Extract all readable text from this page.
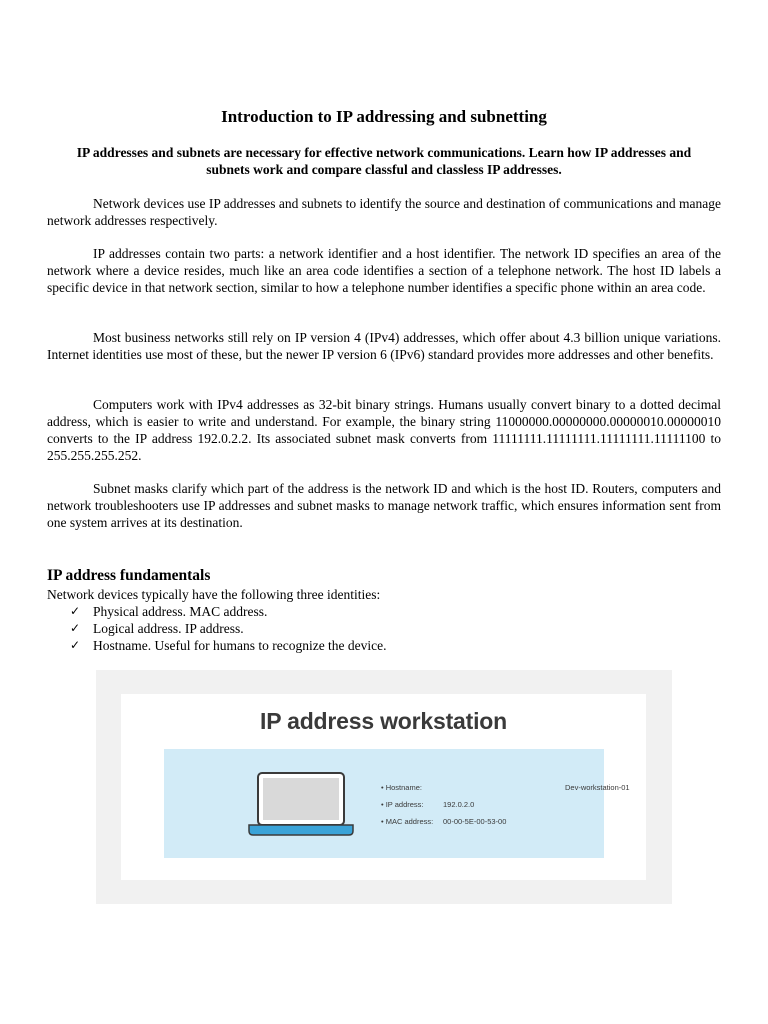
Introduction to IP addressing and subnetting
IP addresses and subnets are necessary for effective network communications. Learn how IP addresses and subnets work and compare classful and classless IP addresses.

Network devices use IP addresses and subnets to identify the source and destination of communications and manage network addresses respectively.

IP addresses contain two parts: a network identifier and a host identifier. The network ID specifies an area of the network where a device resides, much like an area code identifies a section of a telephone network. The host ID labels a specific device in that network section, similar to how a telephone number identifies a specific phone within an area code.

Most business networks still rely on IP version 4 (IPv4) addresses, which offer about 4.3 billion unique variations. Internet identities use most of these, but the newer IP version 6 (IPv6) standard provides more addresses and other benefits.

Computers work with IPv4 addresses as 32-bit binary strings. Humans usually convert binary to a dotted decimal address, which is easier to write and understand. For example, the binary string 11000000.00000000.00000010.00000010 converts to the IP address 192.0.2.2. Its associated subnet mask converts from 11111111.11111111.11111111.11111100 to 255.255.255.252.

Subnet masks clarify which part of the address is the network ID and which is the host ID. Routers, computers and network troubleshooters use IP addresses and subnet masks to manage network traffic, which ensures information sent from one system arrives at its destination.

IP address fundamentals
Network devices typically have the following three identities:
✓ Physical address. MAC address.
✓ Logical address. IP address.
✓ Hostname. Useful for humans to recognize the device.
IP address workstation
• Hostname:	Dev-workstation-01
• IP address:	192.0.2.0
• MAC address: 00-00-5E-00-53-00
